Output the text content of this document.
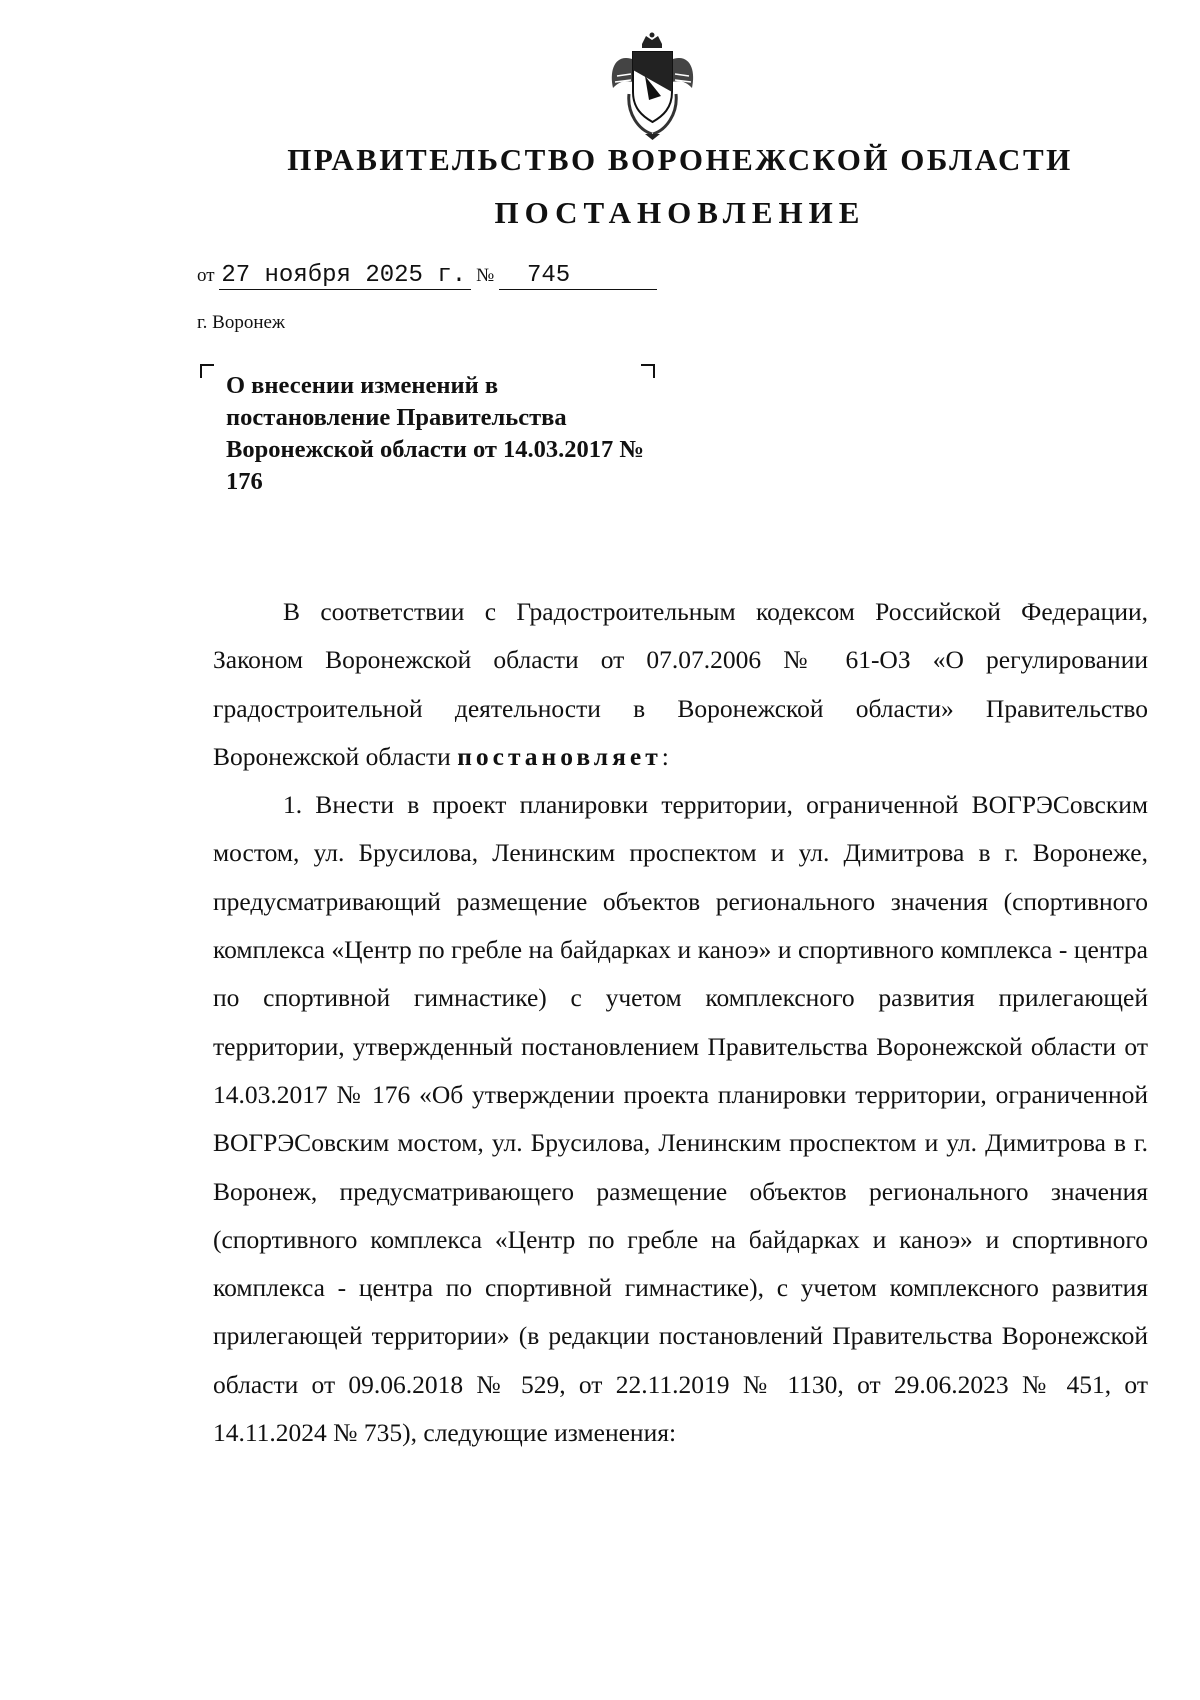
ПРАВИТЕЛЬСТВО ВОРОНЕЖСКОЙ ОБЛАСТИ
ПОСТАНОВЛЕНИЕ
от 27 ноября 2025 г. № 745
г. Воронеж
О внесении изменений в постановление Правительства Воронежской области от 14.03.2017 № 176

В соответствии с Градостроительным кодексом Российской Федерации, Законом Воронежской области от 07.07.2006 № 61-ОЗ «О регулировании градостроительной деятельности в Воронежской области» Правительство Воронежской области постановляет:

1. Внести в проект планировки территории, ограниченной ВОГРЭСовским мостом, ул. Брусилова, Ленинским проспектом и ул. Димитрова в г. Воронеже, предусматривающий размещение объектов регионального значения (спортивного комплекса «Центр по гребле на байдарках и каноэ» и спортивного комплекса - центра по спортивной гимнастике) с учетом комплексного развития прилегающей территории, утвержденный постановлением Правительства Воронежской области от 14.03.2017 № 176 «Об утверждении проекта планировки территории, ограниченной ВОГРЭСовским мостом, ул. Брусилова, Ленинским проспектом и ул. Димитрова в г. Воронеж, предусматривающего размещение объектов регионального значения (спортивного комплекса «Центр по гребле на байдарках и каноэ» и спортивного комплекса - центра по спортивной гимнастике), с учетом комплексного развития прилегающей территории» (в редакции постановлений Правительства Воронежской области от 09.06.2018 № 529, от 22.11.2019 № 1130, от 29.06.2023 № 451, от 14.11.2024 № 735), следующие изменения:
